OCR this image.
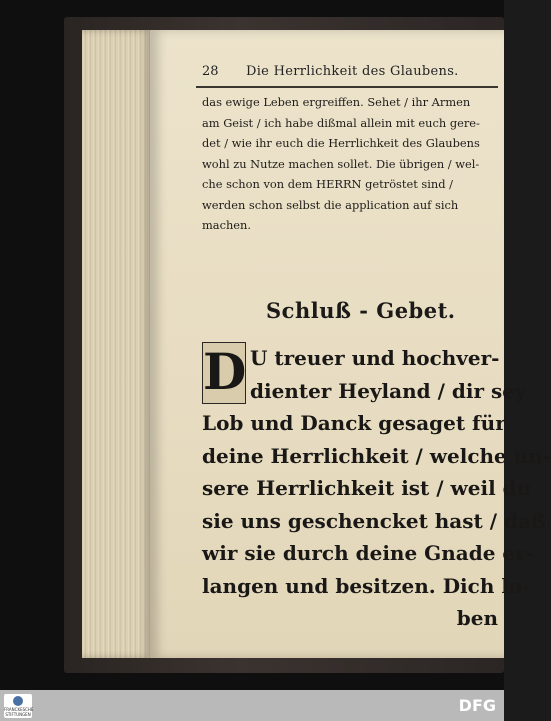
28 Die Herrlichkeit des Glaubens.
das ewige Leben ergreiffen. Sehet / ihr Armen
am Geist / ich habe dißmal allein mit euch gere-
det / wie ihr euch die Herrlichkeit des Glaubens
wohl zu Nutze machen sollet. Die übrigen / wel-
che schon von dem HERRN getröstet sind /
werden schon selbst die application auf sich
machen.
Schluß - Gebet.
D U treuer und hochver-
dienter Heyland / dir sey
Lob und Danck gesaget für
deine Herrlichkeit / welche un-
sere Herrlichkeit ist / weil du
sie uns geschencket hast / daß
wir sie durch deine Gnade er-
langen und besitzen. Dich lo-
ben
FRANCKESCHE STIFTUNGEN	DFG
